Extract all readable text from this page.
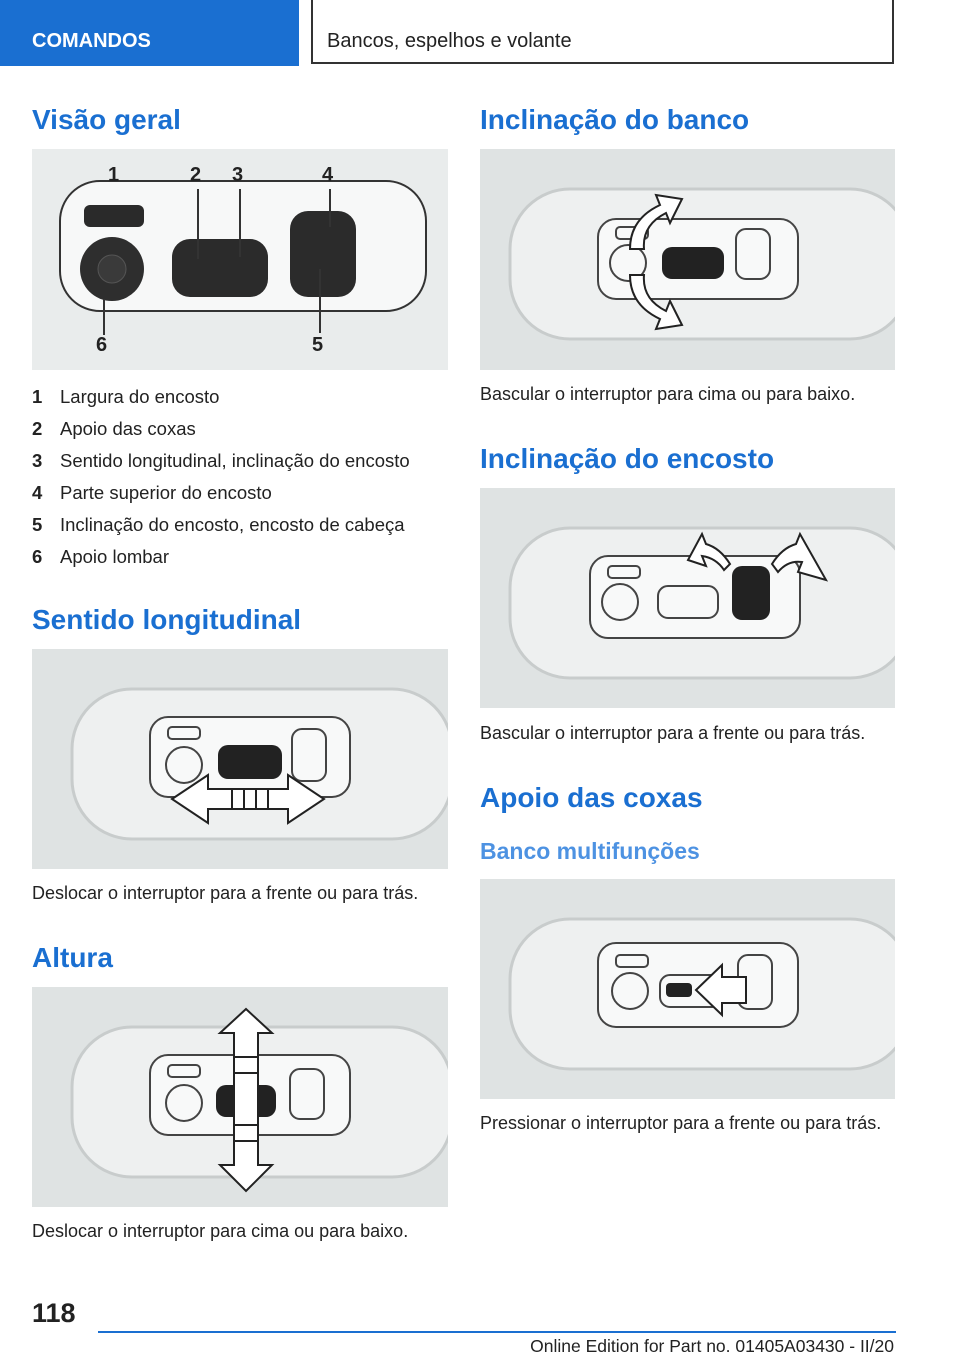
COMANDOS	Bancos, espelhos e volante
Visão geral
1	2 3	4
5
6
1 Largura do encosto
2 Apoio das coxas
3 Sentido longitudinal, inclinação do encosto
4 Parte superior do encosto
5 Inclinação do encosto, encosto de cabeça
6 Apoio lombar
Sentido longitudinal

Deslocar o interruptor para a frente ou para trás.

Altura

Deslocar o interruptor para cima ou para baixo.

Inclinação do banco

Bascular o interruptor para cima ou para baixo.

Inclinação do encosto

Bascular o interruptor para a frente ou para trás.

Apoio das coxas
Banco multifunções

Pressionar o interruptor para a frente ou para trás.

118
Online Edition for Part no. 01405A03430 - II/20
